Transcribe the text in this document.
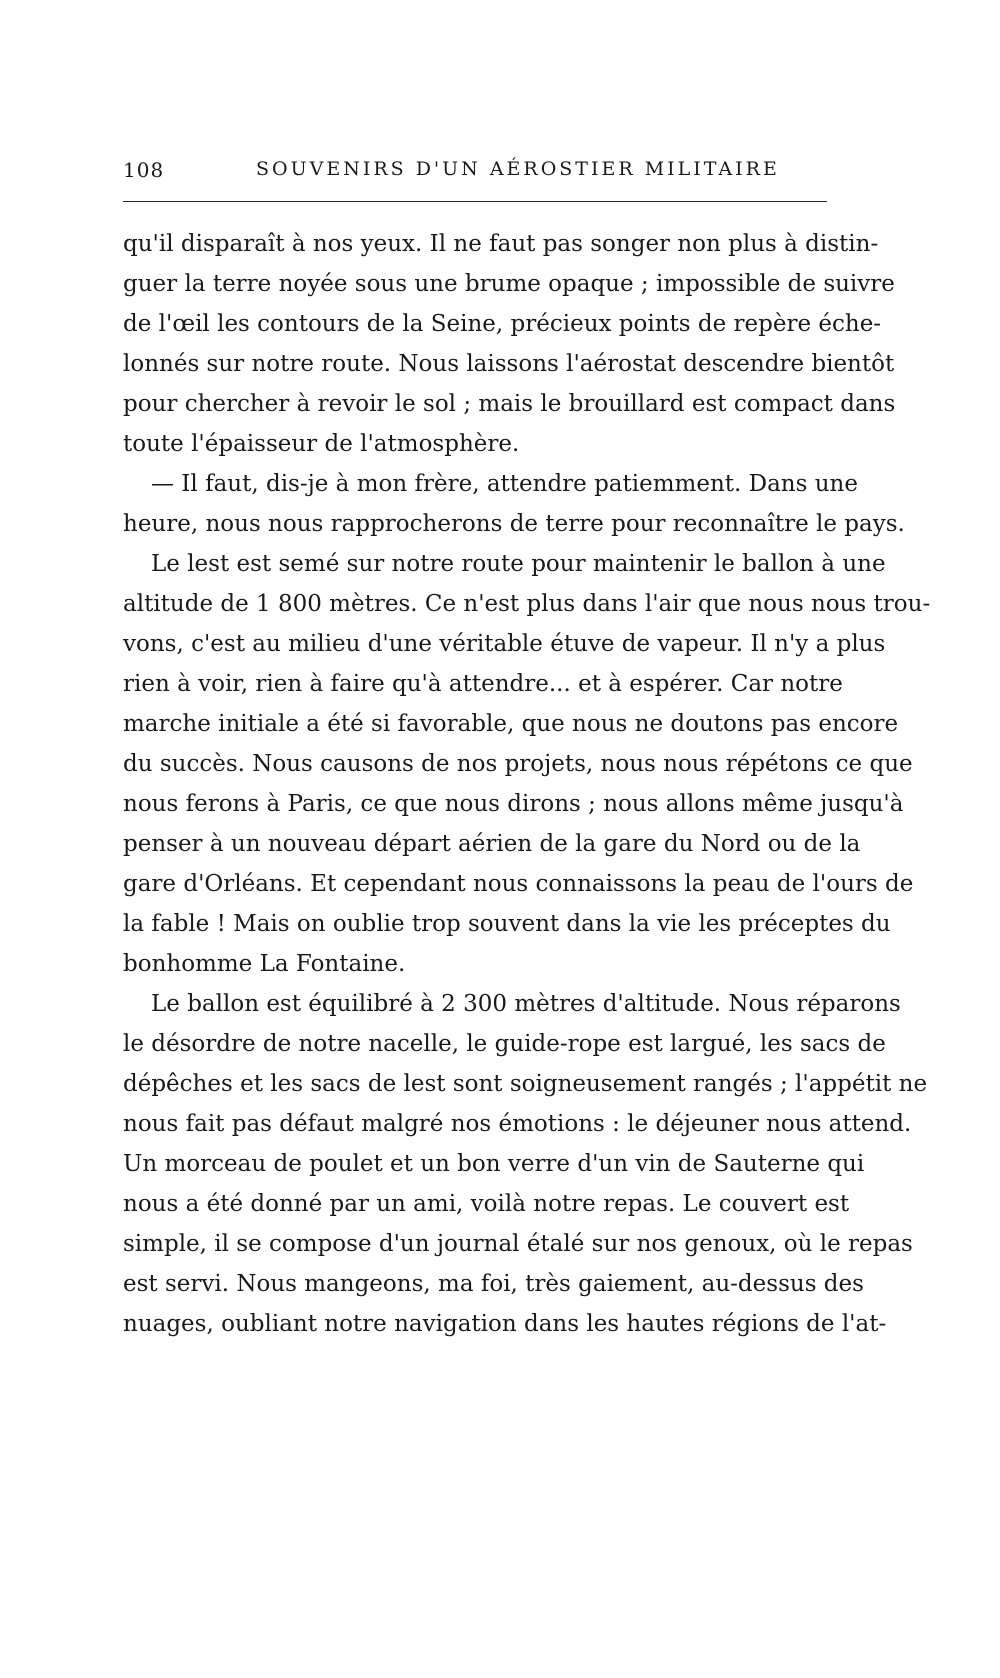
108	SOUVENIRS D'UN AÉROSTIER MILITAIRE
qu'il disparaît à nos yeux. Il ne faut pas songer non plus à distin-
guer la terre noyée sous une brume opaque ; impossible de suivre
de l'œil les contours de la Seine, précieux points de repère éche-
lonnés sur notre route. Nous laissons l'aérostat descendre bientôt
pour chercher à revoir le sol ; mais le brouillard est compact dans
toute l'épaisseur de l'atmosphère.
— Il faut, dis-je à mon frère, attendre patiemment. Dans une
heure, nous nous rapprocherons de terre pour reconnaître le pays.
Le lest est semé sur notre route pour maintenir le ballon à une
altitude de 1 800 mètres. Ce n'est plus dans l'air que nous nous trou-
vons, c'est au milieu d'une véritable étuve de vapeur. Il n'y a plus
rien à voir, rien à faire qu'à attendre... et à espérer. Car notre
marche initiale a été si favorable, que nous ne doutons pas encore
du succès. Nous causons de nos projets, nous nous répétons ce que
nous ferons à Paris, ce que nous dirons ; nous allons même jusqu'à
penser à un nouveau départ aérien de la gare du Nord ou de la
gare d'Orléans. Et cependant nous connaissons la peau de l'ours de
la fable ! Mais on oublie trop souvent dans la vie les préceptes du
bonhomme La Fontaine.
Le ballon est équilibré à 2 300 mètres d'altitude. Nous réparons
le désordre de notre nacelle, le guide-rope est largué, les sacs de
dépêches et les sacs de lest sont soigneusement rangés ; l'appétit ne
nous fait pas défaut malgré nos émotions : le déjeuner nous attend.
Un morceau de poulet et un bon verre d'un vin de Sauterne qui
nous a été donné par un ami, voilà notre repas. Le couvert est
simple, il se compose d'un journal étalé sur nos genoux, où le repas
est servi. Nous mangeons, ma foi, très gaiement, au-dessus des
nuages, oubliant notre navigation dans les hautes régions de l'at-
